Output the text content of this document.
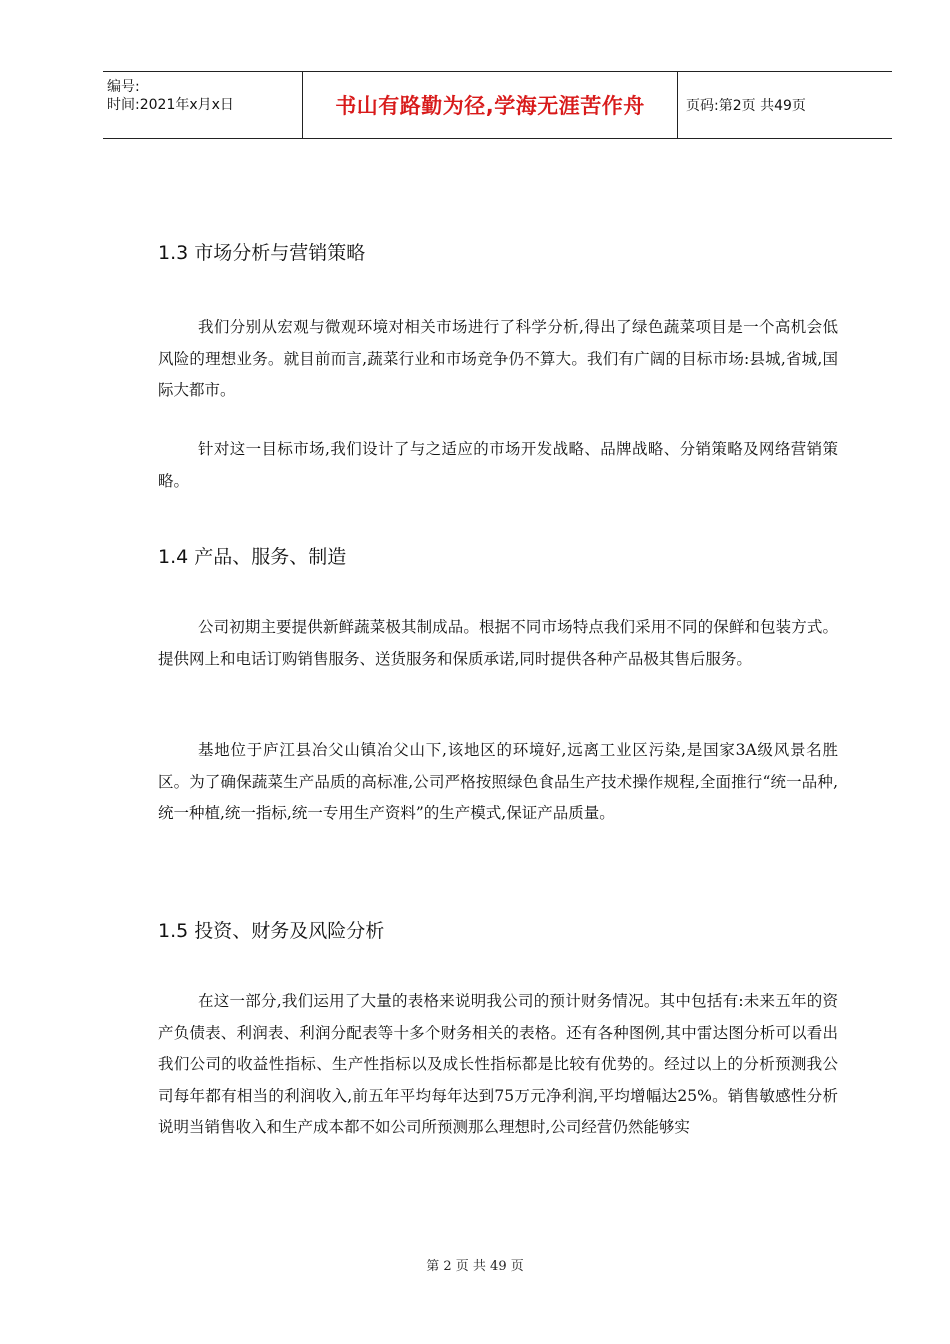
编号:
时间:2021年x月x日	书山有路勤为径,学海无涯苦作舟	页码:第2页 共49页
1.3 市场分析与营销策略

我们分别从宏观与微观环境对相关市场进行了科学分析,得出了绿色蔬菜项目是一个高机会低风险的理想业务。就目前而言,蔬菜行业和市场竞争仍不算大。我们有广阔的目标市场:县城,省城,国际大都市。

针对这一目标市场,我们设计了与之适应的市场开发战略、品牌战略、分销策略及网络营销策略。

1.4 产品、服务、制造

公司初期主要提供新鲜蔬菜极其制成品。根据不同市场特点我们采用不同的保鲜和包装方式。提供网上和电话订购销售服务、送货服务和保质承诺,同时提供各种产品极其售后服务。

基地位于庐江县冶父山镇冶父山下,该地区的环境好,远离工业区污染,是国家3A级风景名胜区。为了确保蔬菜生产品质的高标准,公司严格按照绿色食品生产技术操作规程,全面推行“统一品种,统一种植,统一指标,统一专用生产资料”的生产模式,保证产品质量。

1.5 投资、财务及风险分析

在这一部分,我们运用了大量的表格来说明我公司的预计财务情况。其中包括有:未来五年的资产负债表、利润表、利润分配表等十多个财务相关的表格。还有各种图例,其中雷达图分析可以看出我们公司的收益性指标、生产性指标以及成长性指标都是比较有优势的。经过以上的分析预测我公司每年都有相当的利润收入,前五年平均每年达到75万元净利润,平均增幅达25%。销售敏感性分析说明当销售收入和生产成本都不如公司所预测那么理想时,公司经营仍然能够实

第 2 页 共 49 页
